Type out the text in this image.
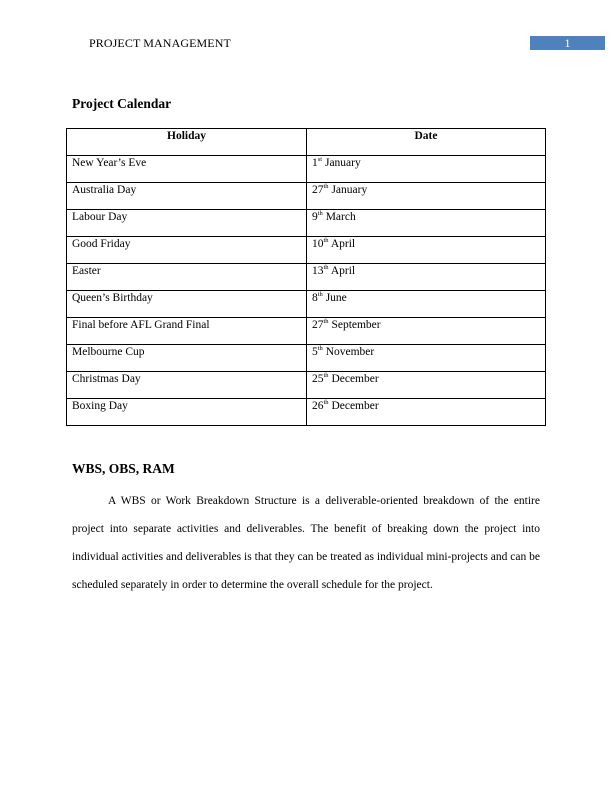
PROJECT MANAGEMENT	1
Project Calendar
Holiday	Date
New Year’s Eve	1st January
Australia Day	27th January
Labour Day	9th March
Good Friday	10th April
Easter	13th April
Queen’s Birthday	8th June
Final before AFL Grand Final	27th September
Melbourne Cup	5th November
Christmas Day	25th December
Boxing Day	26th December
WBS, OBS, RAM

A WBS or Work Breakdown Structure is a deliverable-oriented breakdown of the entire project into separate activities and deliverables. The benefit of breaking down the project into individual activities and deliverables is that they can be treated as individual mini-projects and can be scheduled separately in order to determine the overall schedule for the project.
